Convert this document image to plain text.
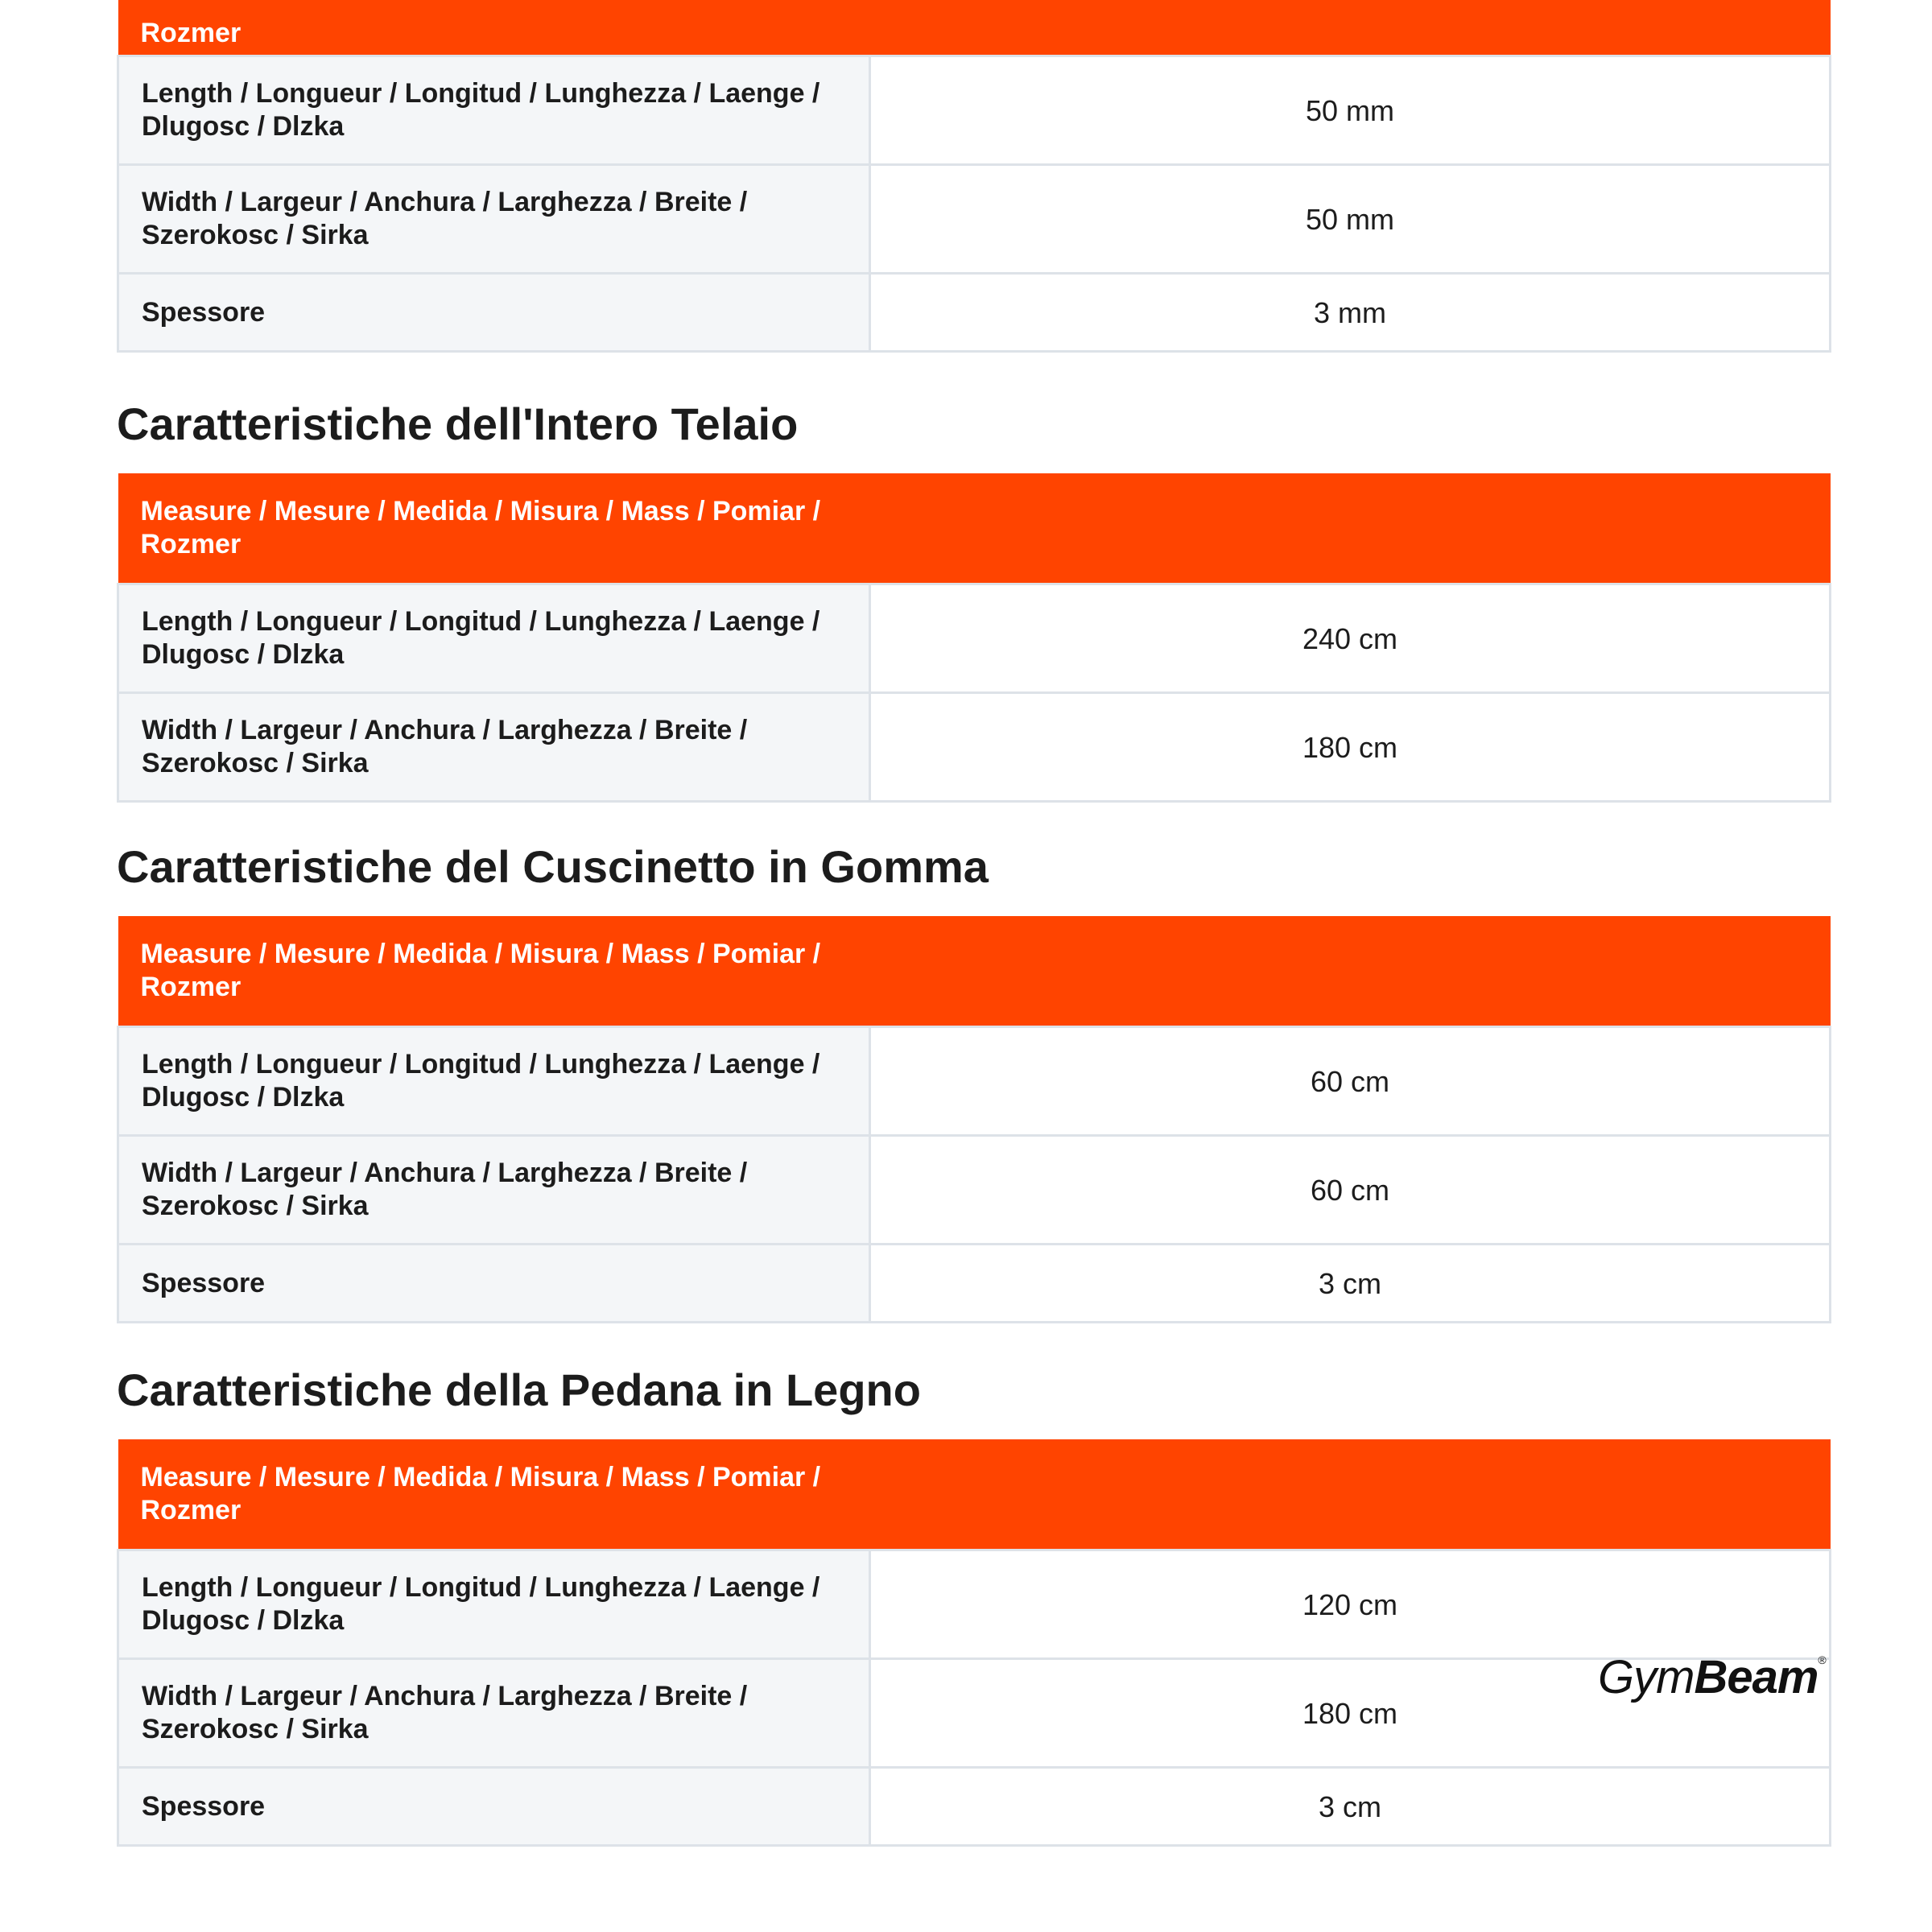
Rozmer	

Length / Longueur / Longitud / Lunghezza / Laenge / Dlugosc / Dlzka	50 mm
Width / Largeur / Anchura / Larghezza / Breite / Szerokosc / Sirka	50 mm
Spessore	3 mm
Caratteristiche dell'Intero Telaio
Measure / Mesure / Medida / Misura / Mass / Pomiar / Rozmer	
Length / Longueur / Longitud / Lunghezza / Laenge / Dlugosc / Dlzka	240 cm
Width / Largeur / Anchura / Larghezza / Breite / Szerokosc / Sirka	180 cm
Caratteristiche del Cuscinetto in Gomma
Measure / Mesure / Medida / Misura / Mass / Pomiar / Rozmer	
Length / Longueur / Longitud / Lunghezza / Laenge / Dlugosc / Dlzka	60 cm
Width / Largeur / Anchura / Larghezza / Breite / Szerokosc / Sirka	60 cm
Spessore	3 cm
Caratteristiche della Pedana in Legno
Measure / Mesure / Medida / Misura / Mass / Pomiar / Rozmer	
Length / Longueur / Longitud / Lunghezza / Laenge / Dlugosc / Dlzka	120 cm
Width / Largeur / Anchura / Larghezza / Breite / Szerokosc / Sirka	180 cm
Spessore	3 cm
GymBeam®
